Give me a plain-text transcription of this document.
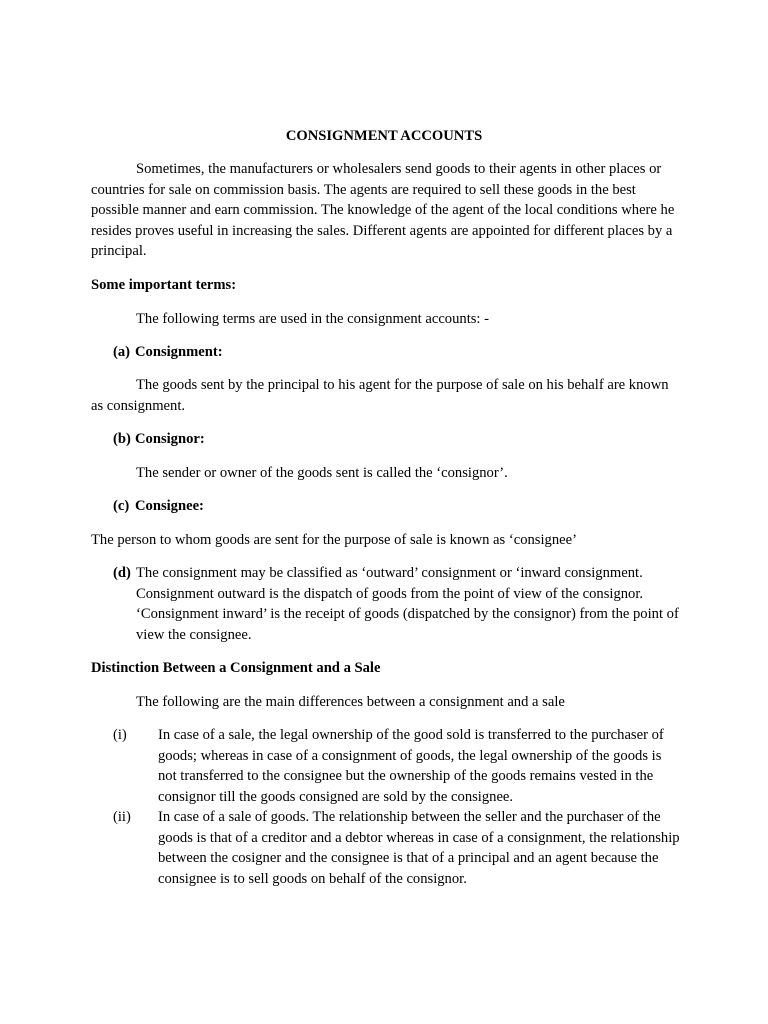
CONSIGNMENT ACCOUNTS

Sometimes, the manufacturers or wholesalers send goods to their agents in other places or countries for sale on commission basis. The agents are required to sell these goods in the best possible manner and earn commission. The knowledge of the agent of the local conditions where he resides proves useful in increasing the sales. Different agents are appointed for different places by a principal.

Some important terms:

The following terms are used in the consignment accounts: -

(a) Consignment:

The goods sent by the principal to his agent for the purpose of sale on his behalf are known as consignment.

(b) Consignor:

The sender or owner of the goods sent is called the ‘consignor’.

(c) Consignee:

The person to whom goods are sent for the purpose of sale is known as ‘consignee’

(d) The consignment may be classified as ‘outward’ consignment or ‘inward consignment. Consignment outward is the dispatch of goods from the point of view of the consignor. ‘Consignment inward’ is the receipt of goods (dispatched by the consignor) from the point of view the consignee.

Distinction Between a Consignment and a Sale

The following are the main differences between a consignment and a sale

(i) In case of a sale, the legal ownership of the good sold is transferred to the purchaser of goods; whereas in case of a consignment of goods, the legal ownership of the goods is not transferred to the consignee but the ownership of the goods remains vested in the consignor till the goods consigned are sold by the consignee.

(ii) In case of a sale of goods. The relationship between the seller and the purchaser of the goods is that of a creditor and a debtor whereas in case of a consignment, the relationship between the cosigner and the consignee is that of a principal and an agent because the consignee is to sell goods on behalf of the consignor.
